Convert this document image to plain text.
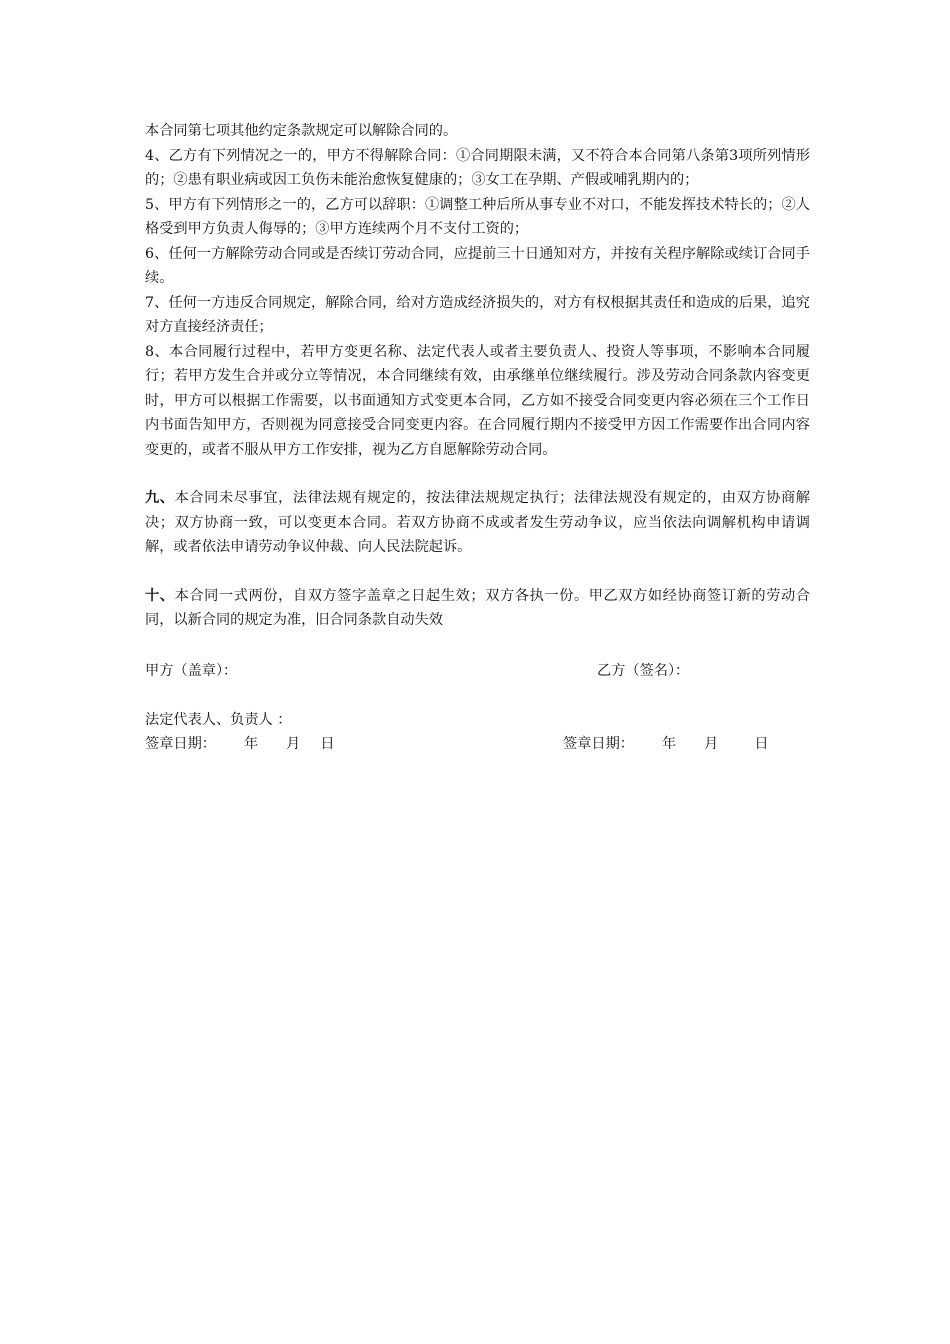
本合同第七项其他约定条款规定可以解除合同的。

4、乙方有下列情况之一的，甲方不得解除合同：①合同期限未满，又不符合本合同第八条第3项所列情形的；②患有职业病或因工负伤未能治愈恢复健康的；③女工在孕期、产假或哺乳期内的；

5、甲方有下列情形之一的，乙方可以辞职：①调整工种后所从事专业不对口，不能发挥技术特长的；②人格受到甲方负责人侮辱的；③甲方连续两个月不支付工资的；

6、任何一方解除劳动合同或是否续订劳动合同，应提前三十日通知对方，并按有关程序解除或续订合同手续。

7、任何一方违反合同规定，解除合同，给对方造成经济损失的，对方有权根据其责任和造成的后果，追究对方直接经济责任；

8、本合同履行过程中，若甲方变更名称、法定代表人或者主要负责人、投资人等事项，不影响本合同履行；若甲方发生合并或分立等情况，本合同继续有效，由承继单位继续履行。涉及劳动合同条款内容变更时，甲方可以根据工作需要，以书面通知方式变更本合同，乙方如不接受合同变更内容必须在三个工作日内书面告知甲方，否则视为同意接受合同变更内容。在合同履行期内不接受甲方因工作需要作出合同内容变更的，或者不服从甲方工作安排，视为乙方自愿解除劳动合同。

九、本合同未尽事宜，法律法规有规定的，按法律法规规定执行；法律法规没有规定的，由双方协商解决；双方协商一致，可以变更本合同。若双方协商不成或者发生劳动争议，应当依法向调解机构申请调解，或者依法申请劳动争议仲裁、向人民法院起诉。

十、本合同一式两份，自双方签字盖章之日起生效；双方各执一份。甲乙双方如经协商签订新的劳动合同，以新合同的规定为准，旧合同条款自动失效

甲方（盖章）：	乙方（签名）：
法定代表人、负责人 ：
签章日期： 年 月 日	签章日期： 年 月	日
